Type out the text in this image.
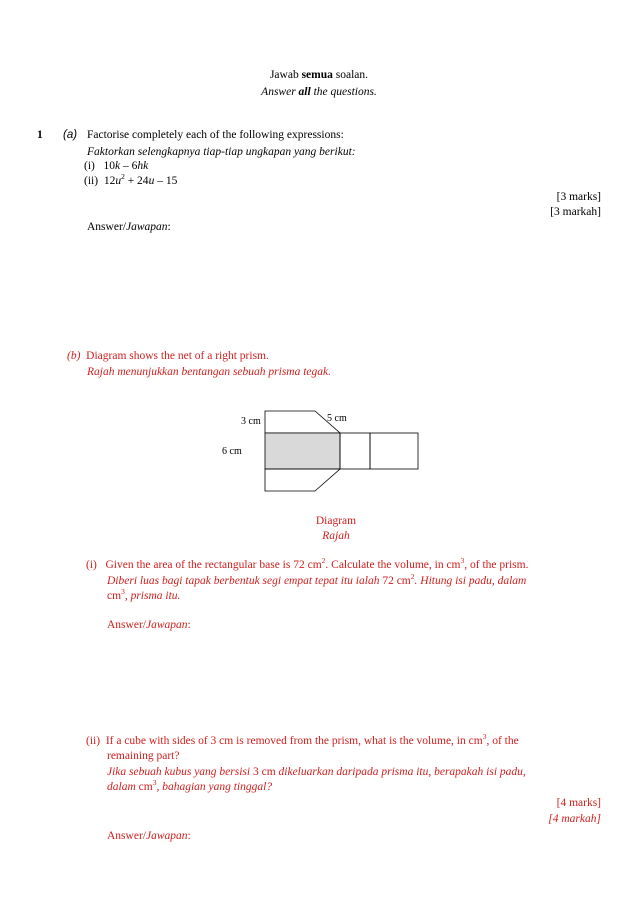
Jawab semua soalan.
Answer all the questions.
1 (a) Factorise completely each of the following expressions:
Faktorkan selengkapnya tiap-tiap ungkapan yang berikut:
(i) 10k – 6hk
(ii) $12u^2 + 24u - 15$
[3 marks]
[3 markah]
Answer/Jawapan:
(b) Diagram shows the net of a right prism.
Rajah menunjukkan bentangan sebuah prisma tegak.
3 cm	5 cm
6 cm
Diagram
Rajah
(i) Given the area of the rectangular base is 72 $cm^2$. Calculate the volume, in $cm^3$, of the prism.
Diberi luas bagi tapak berbentuk segi empat tepat itu ialah 72 $cm^2$. Hitung isi padu, dalam
$cm^3$, prisma itu.
Answer/Jawapan:
(ii) If a cube with sides of 3 cm is removed from the prism, what is the volume, in $cm^3$, of the
remaining part?
Jika sebuah kubus yang bersisi 3 cm dikeluarkan daripada prisma itu, berapakah isi padu,
dalam $cm^3$, bahagian yang tinggal?
[4 marks]
[4 markah]
Answer/Jawapan:
